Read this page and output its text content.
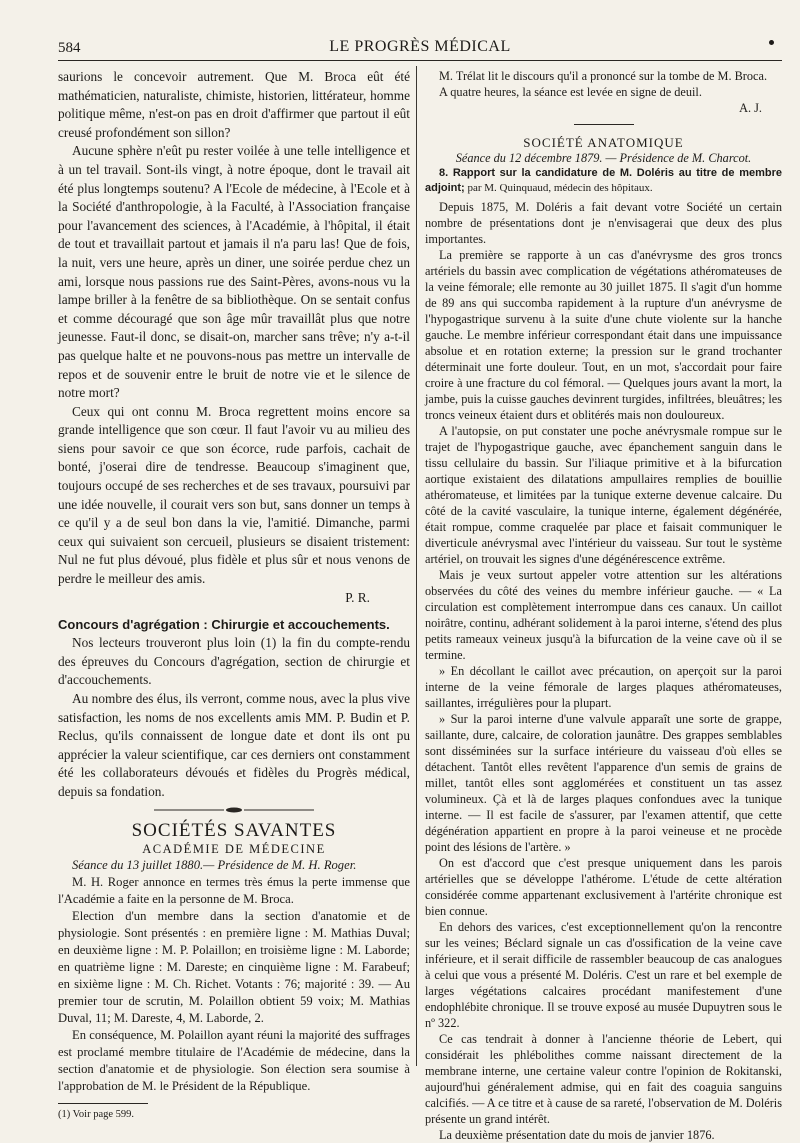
584	LE PROGRÈS MÉDICAL

saurions le concevoir autrement. Que M. Broca eût été mathématicien, naturaliste, chimiste, historien, littérateur, homme politique même, n'est-on pas en droit d'affirmer que partout il eût creusé profondément son sillon?

Aucune sphère n'eût pu rester voilée à une telle intelligence et à un tel travail. Sont-ils vingt, à notre époque, dont le travail ait été plus longtemps soutenu? A l'Ecole de médecine, à l'Ecole et à la Société d'anthropologie, à la Faculté, à l'Association française pour l'avancement des sciences, à l'Académie, à l'hôpital, il était de tout et travaillait partout et jamais il n'a paru las! Que de fois, la nuit, vers une heure, après un diner, une soirée perdue chez un ami, lorsque nous passions rue des Saint-Pères, avons-nous vu la lampe briller à la fenêtre de sa bibliothèque. On se sentait confus et comme découragé que son âge mûr travaillât plus que notre jeunesse. Faut-il donc, se disait-on, marcher sans trêve; n'y a-t-il pas quelque halte et ne pouvons-nous pas mettre un intervalle de repos et de souvenir entre le bruit de notre vie et le silence de notre mort?

Ceux qui ont connu M. Broca regrettent moins encore sa grande intelligence que son cœur. Il faut l'avoir vu au milieu des siens pour savoir ce que son écorce, rude parfois, cachait de bonté, j'oserai dire de tendresse. Beaucoup s'imaginent que, toujours occupé de ses recherches et de ses travaux, poursuivi par une idée nouvelle, il courait vers son but, sans donner un temps à ce qu'il y a de seul bon dans la vie, l'amitié. Dimanche, parmi ceux qui suivaient son cercueil, plusieurs se disaient tristement: Nul ne fut plus dévoué, plus fidèle et plus sûr et nous venons de perdre le meilleur des amis.

P. R.

Concours d'agrégation : Chirurgie et accouchements.

Nos lecteurs trouveront plus loin (1) la fin du compte-rendu des épreuves du Concours d'agrégation, section de chirurgie et d'accouchements.

Au nombre des élus, ils verront, comme nous, avec la plus vive satisfaction, les noms de nos excellents amis MM. P. Budin et P. Reclus, qu'ils connaissent de longue date et dont ils ont pu apprécier la valeur scientifique, car ces derniers ont constamment été les collaborateurs dévoués et fidèles du Progrès médical, depuis sa fondation.

SOCIÉTÉS SAVANTES
ACADÉMIE DE MÉDECINE

Séance du 13 juillet 1880.— Présidence de M. H. Roger.

M. H. Roger annonce en termes très émus la perte immense que l'Académie a faite en la personne de M. Broca.

Election d'un membre dans la section d'anatomie et de physiologie. Sont présentés : en première ligne : M. Mathias Duval; en deuxième ligne : M. P. Polaillon; en troisième ligne : M. Laborde; en quatrième ligne : M. Dareste; en cinquième ligne : M. Farabeuf; en sixième ligne : M. Ch. Richet. Votants : 76; majorité : 39. — Au premier tour de scrutin, M. Polaillon obtient 59 voix; M. Mathias Duval, 11; M. Dareste, 4, M. Laborde, 2.

En conséquence, M. Polaillon ayant réuni la majorité des suffrages est proclamé membre titulaire de l'Académie de médecine, dans la section d'anatomie et de physiologie. Son élection sera soumise à l'approbation de M. le Président de la République.

(1) Voir page 599.

M. Trélat lit le discours qu'il a prononcé sur la tombe de M. Broca.

A quatre heures, la séance est levée en signe de deuil.

A. J.

SOCIÉTÉ ANATOMIQUE

Séance du 12 décembre 1879. — Présidence de M. Charcot.

8. Rapport sur la candidature de M. Doléris au titre de membre adjoint; par M. Quinquaud, médecin des hôpitaux.

Depuis 1875, M. Doléris a fait devant votre Société un certain nombre de présentations dont je n'envisagerai que deux des plus importantes.

La première se rapporte à un cas d'anévrysme des gros troncs artériels du bassin avec complication de végétations athéromateuses de la veine fémorale; elle remonte au 30 juillet 1875. Il s'agit d'un homme de 89 ans qui succomba rapidement à la rupture d'un anévrysme de l'hypogastrique survenu à la suite d'une chute violente sur la hanche gauche. Le membre inférieur correspondant était dans une impuissance absolue et en rotation externe; la pression sur le grand trochanter déterminait une forte douleur. Tout, en un mot, s'accordait pour faire croire à une fracture du col fémoral. — Quelques jours avant la mort, la jambe, puis la cuisse gauches devinrent turgides, infiltrées, bleuâtres; les troncs veineux étaient durs et oblitérés mais non douloureux.

A l'autopsie, on put constater une poche anévrysmale rompue sur le trajet de l'hypogastrique gauche, avec épanchement sanguin dans le tissu cellulaire du bassin. Sur l'iliaque primitive et à la bifurcation aortique existaient des dilatations ampullaires remplies de bouillie athéromateuse, et limitées par la tunique externe devenue calcaire. Du côté de la cavité vasculaire, la tunique interne, également dégénérée, était rompue, comme craquelée par place et faisait communiquer le diverticule anévrysmal avec l'intérieur du vaisseau. Sur tout le système artériel, on trouvait les signes d'une dégénérescence extrême.

Mais je veux surtout appeler votre attention sur les altérations observées du côté des veines du membre inférieur gauche. — « La circulation est complètement interrompue dans ces canaux. Un caillot noirâtre, continu, adhérant solidement à la paroi interne, s'étend des plus petits rameaux veineux jusqu'à la bifurcation de la veine cave où il se termine.

» En décollant le caillot avec précaution, on aperçoit sur la paroi interne de la veine fémorale de larges plaques athéromateuses, saillantes, irrégulières pour la plupart.

» Sur la paroi interne d'une valvule apparaît une sorte de grappe, saillante, dure, calcaire, de coloration jaunâtre. Des grappes semblables sont disséminées sur la surface intérieure du vaisseau d'où elles se détachent. Tantôt elles revêtent l'apparence d'un semis de grains de millet, tantôt elles sont agglomérées et constituent un tas assez volumineux. Çà et là de larges plaques confondues avec la tunique interne. — Il est facile de s'assurer, par l'examen attentif, que cette dégénération appartient en propre à la paroi veineuse et ne procède point des lésions de l'artère. »

On est d'accord que c'est presque uniquement dans les parois artérielles que se développe l'athérome. L'étude de cette altération considérée comme appartenant exclusivement à l'artérite chronique est bien connue.

En dehors des varices, c'est exceptionnellement qu'on la rencontre sur les veines; Béclard signale un cas d'ossification de la veine cave inférieure, et il serait difficile de rassembler beaucoup de cas analogues à celui que vous a présenté M. Doléris. C'est un rare et bel exemple de larges végétations calcaires procédant manifestement d'une endophlébite chronique. Il se trouve exposé au musée Dupuytren sous le nº 322.

Ce cas tendrait à donner à l'ancienne théorie de Lebert, qui considérait les phlébolithes comme naissant directement de la membrane interne, une certaine valeur contre l'opinion de Rokitanski, aujourd'hui généralement admise, qui en fait des coaguia sanguins calcifiés. — A ce titre et à cause de sa rareté, l'observation de M. Doléris présente un grand intérêt.

La deuxième présentation date du mois de janvier 1876.
